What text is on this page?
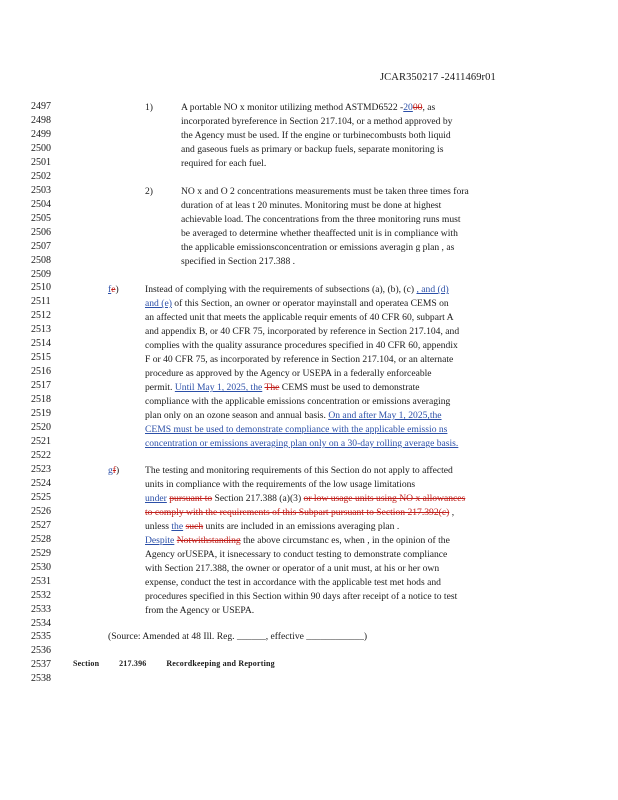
JCAR350217 -2411469r01
2497
2498
2499
2500
2501
2502
2503
2504
2505
2506
2507
2508
2509
2510
2511
2512
2513
2514
2515
2516
2517
2518
2519
2520
2521
2522
2523
2524
2525
2526
2527
2528
2529
2530
2531
2532
2533
2534
2535
2536
2537
2538
1)	A portable NO x monitor utilizing method ASTMD6522 -2000, as
incorporated byreference in Section 217.104, or a method approved by
the Agency must be used. If the engine or turbinecombusts both liquid
and gaseous fuels as primary or backup fuels, separate monitoring is
required for each fuel.
2)	NO x and O 2 concentrations measurements must be taken three times fora
duration of at leas t 20 minutes. Monitoring must be done at highest
achievable load. The concentrations from the three monitoring runs must
be averaged to determine whether theaffected unit is in compliance with
the applicable emissionsconcentration or emissions averagin g plan , as
specified in Section 217.388 .
fe)	Instead of complying with the requirements of subsections (a), (b), (c) , and (d)
and (e) of this Section, an owner or operator mayinstall and operatea CEMS on
an affected unit that meets the applicable requir ements of 40 CFR 60, subpart A
and appendix B, or 40 CFR 75, incorporated by reference in Section 217.104, and
complies with the quality assurance procedures specified in 40 CFR 60, appendix
F or 40 CFR 75, as incorporated by reference in Section 217.104, or an alternate
procedure as approved by the Agency or USEPA in a federally enforceable
permit. Until May 1, 2025, the The CEMS must be used to demonstrate
compliance with the applicable emissions concentration or emissions averaging
plan only on an ozone season and annual basis. On and after May 1, 2025,the
CEMS must be used to demonstrate compliance with the applicable emissio ns
concentration or emissions averaging plan only on a 30-day rolling average basis.
gf)	The testing and monitoring requirements of this Section do not apply to affected
units in compliance with the requirements of the low usage limitations
under pursuant to Section 217.388 (a)(3) or low usage units using NO x allowances
to comply with the requirements of this Subpart pursuant to Section 217.392(c) ,
unless the such units are included in an emissions averaging plan .
Despite Notwithstanding the above circumstanc es, when , in the opinion of the
Agency orUSEPA, it isnecessary to conduct testing to demonstrate compliance
with Section 217.388, the owner or operator of a unit must, at his or her own
expense, conduct the test in accordance with the applicable test met hods and
procedures specified in this Section within 90 days after receipt of a notice to test
from the Agency or USEPA.
(Source: Amended at 48 Ill. Reg. ______, effective ____________)
Section 217.396 Recordkeeping and Reporting
